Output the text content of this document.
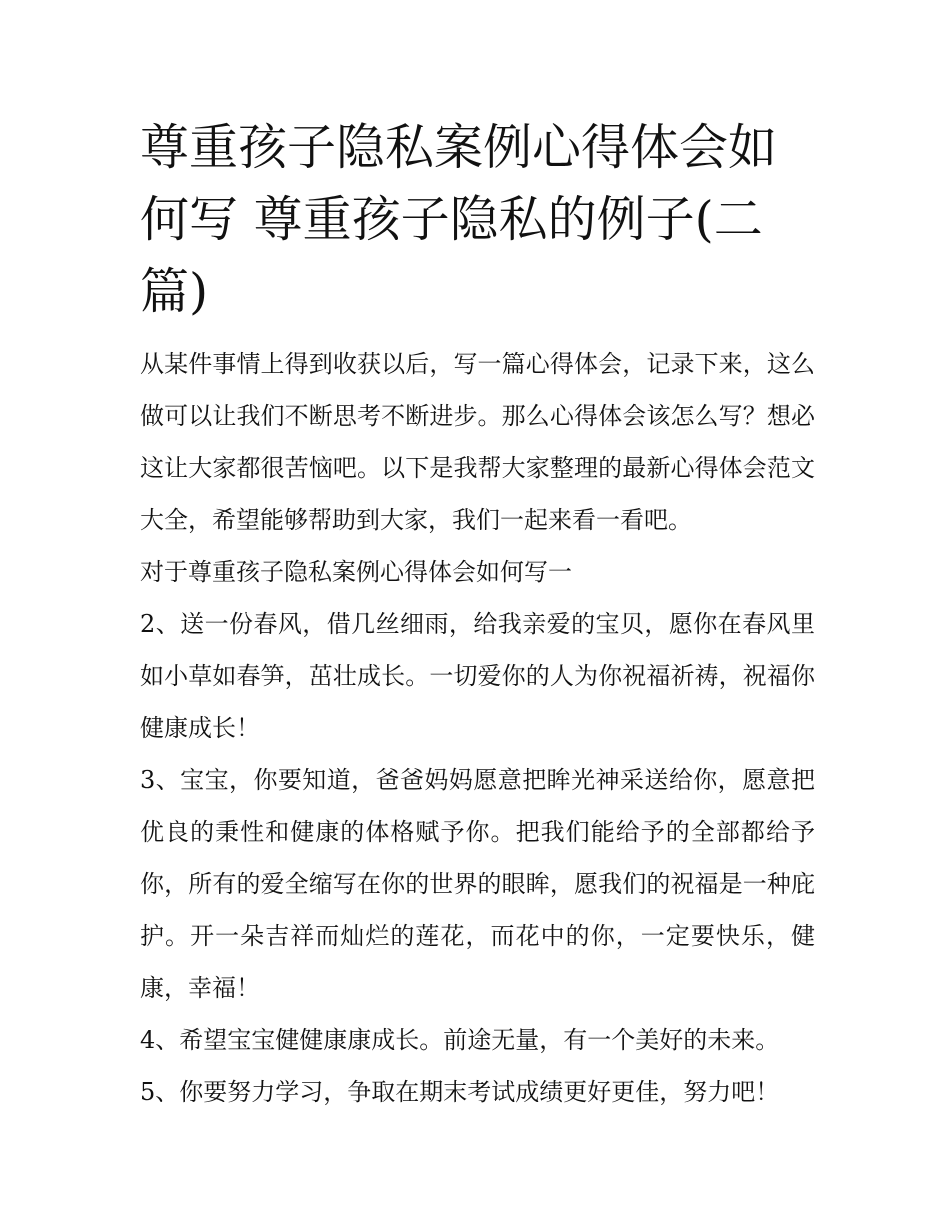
尊重孩子隐私案例心得体会如何写 尊重孩子隐私的例子(二篇)

从某件事情上得到收获以后，写一篇心得体会，记录下来，这么做可以让我们不断思考不断进步。那么心得体会该怎么写？想必这让大家都很苦恼吧。以下是我帮大家整理的最新心得体会范文大全，希望能够帮助到大家，我们一起来看一看吧。

对于尊重孩子隐私案例心得体会如何写一

2、送一份春风，借几丝细雨，给我亲爱的宝贝，愿你在春风里如小草如春笋，茁壮成长。一切爱你的人为你祝福祈祷，祝福你健康成长！

3、宝宝，你要知道，爸爸妈妈愿意把眸光神采送给你，愿意把优良的秉性和健康的体格赋予你。把我们能给予的全部都给予你，所有的爱全缩写在你的世界的眼眸，愿我们的祝福是一种庇护。开一朵吉祥而灿烂的莲花，而花中的你，一定要快乐，健康，幸福！

4、希望宝宝健健康康成长。前途无量，有一个美好的未来。

5、你要努力学习，争取在期末考试成绩更好更佳，努力吧！
